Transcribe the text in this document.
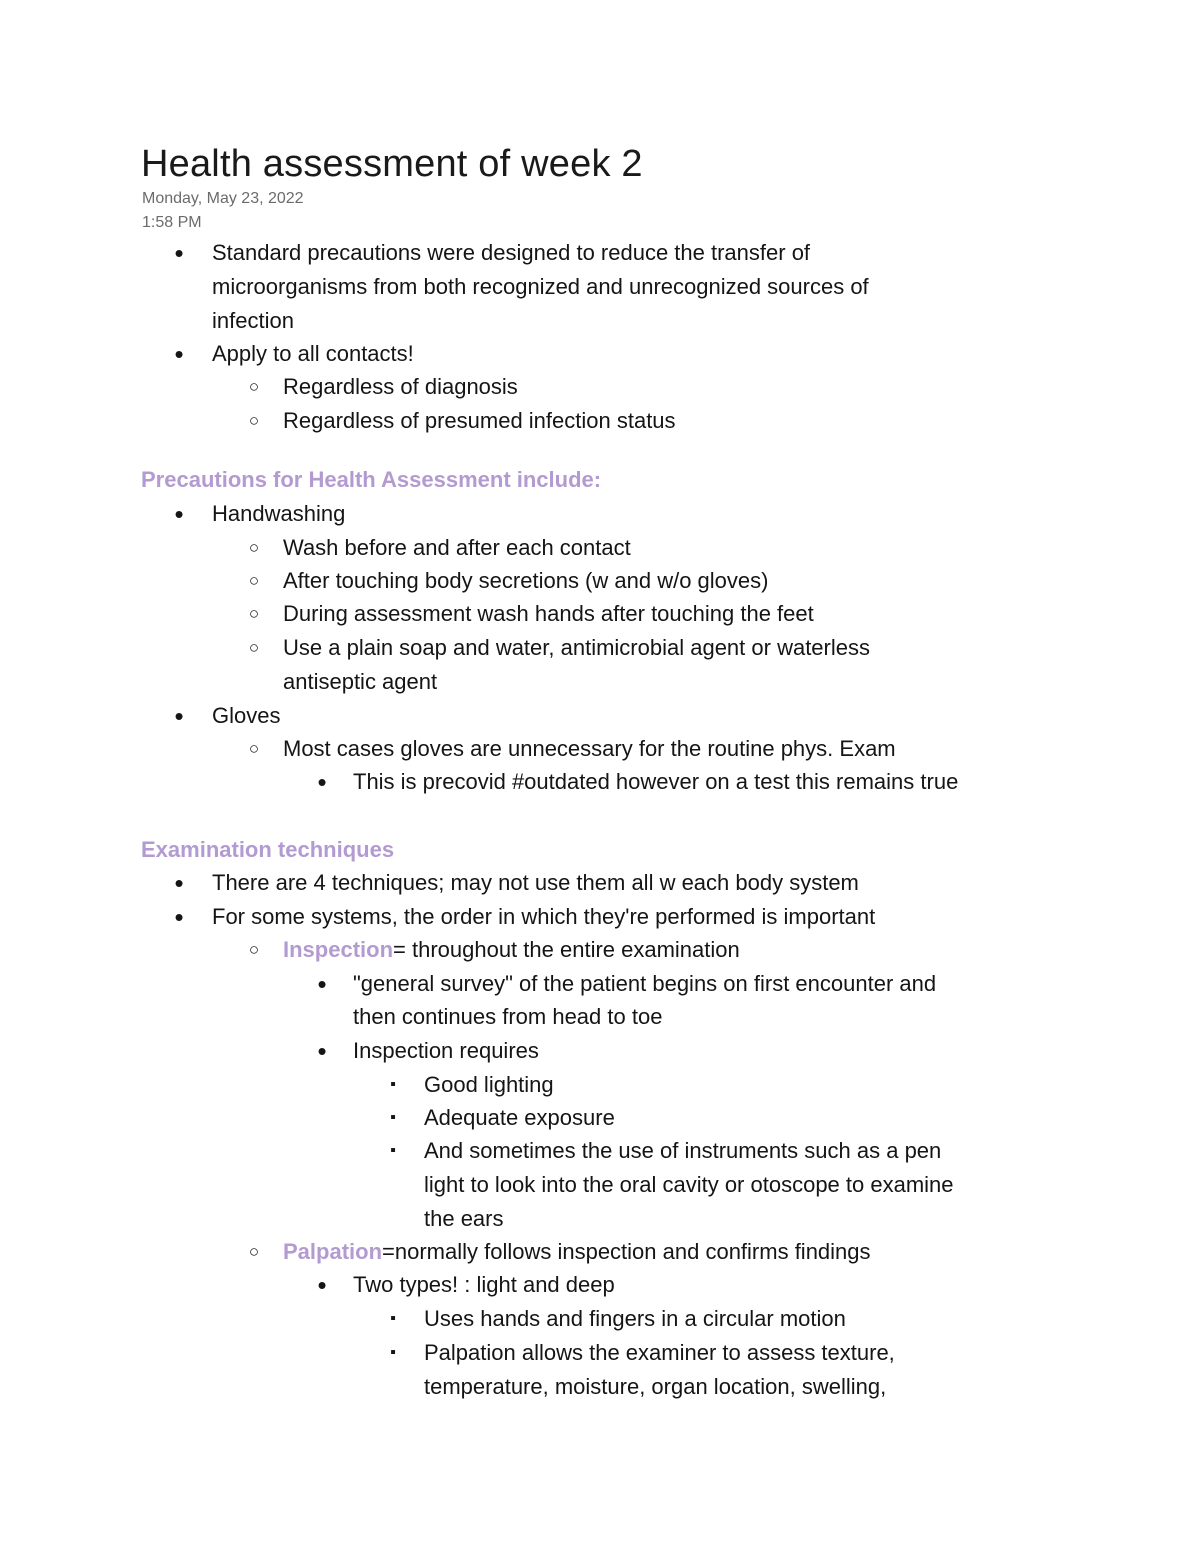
Health assessment of week 2
Monday, May 23, 2022
1:58 PM
• Standard precautions were designed to reduce the transfer of
microorganisms from both recognized and unrecognized sources of
infection
• Apply to all contacts!
○ Regardless of diagnosis
○ Regardless of presumed infection status
Precautions for Health Assessment include:
• Handwashing
○ Wash before and after each contact
○ After touching body secretions (w and w/o gloves)
○ During assessment wash hands after touching the feet
○ Use a plain soap and water, antimicrobial agent or waterless
antiseptic agent
• Gloves
○ Most cases gloves are unnecessary for the routine phys. Exam
• This is precovid #outdated however on a test this remains true
Examination techniques
• There are 4 techniques; may not use them all w each body system
• For some systems, the order in which they're performed is important
○ Inspection= throughout the entire examination
• "general survey" of the patient begins on first encounter and
then continues from head to toe
• Inspection requires
▪ Good lighting
▪ Adequate exposure
▪ And sometimes the use of instruments such as a pen
light to look into the oral cavity or otoscope to examine
the ears
○ Palpation=normally follows inspection and confirms findings
• Two types! : light and deep
▪ Uses hands and fingers in a circular motion
▪ Palpation allows the examiner to assess texture,
temperature, moisture, organ location, swelling,
